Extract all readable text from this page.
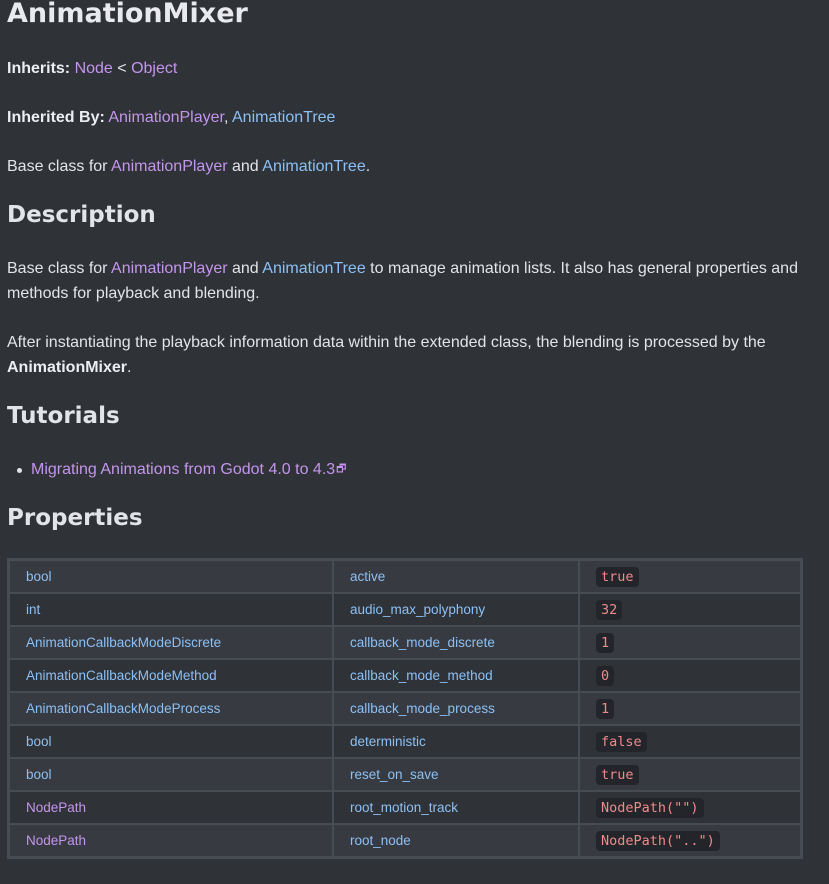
AnimationMixer

Inherits: Node < Object

Inherited By: AnimationPlayer, AnimationTree

Base class for AnimationPlayer and AnimationTree.

Description

Base class for AnimationPlayer and AnimationTree to manage animation lists. It also has general properties and methods for playback and blending.

After instantiating the playback information data within the extended class, the blending is processed by the AnimationMixer.

Tutorials
Migrating Animations from Godot 4.0 to 4.3🗗
Properties
bool	active	true
int	audio_max_polyphony	32
AnimationCallbackModeDiscrete	callback_mode_discrete	1
AnimationCallbackModeMethod	callback_mode_method	0
AnimationCallbackModeProcess	callback_mode_process	1
bool	deterministic	false
bool	reset_on_save	true
NodePath	root_motion_track	NodePath("")
NodePath	root_node	NodePath("..")
